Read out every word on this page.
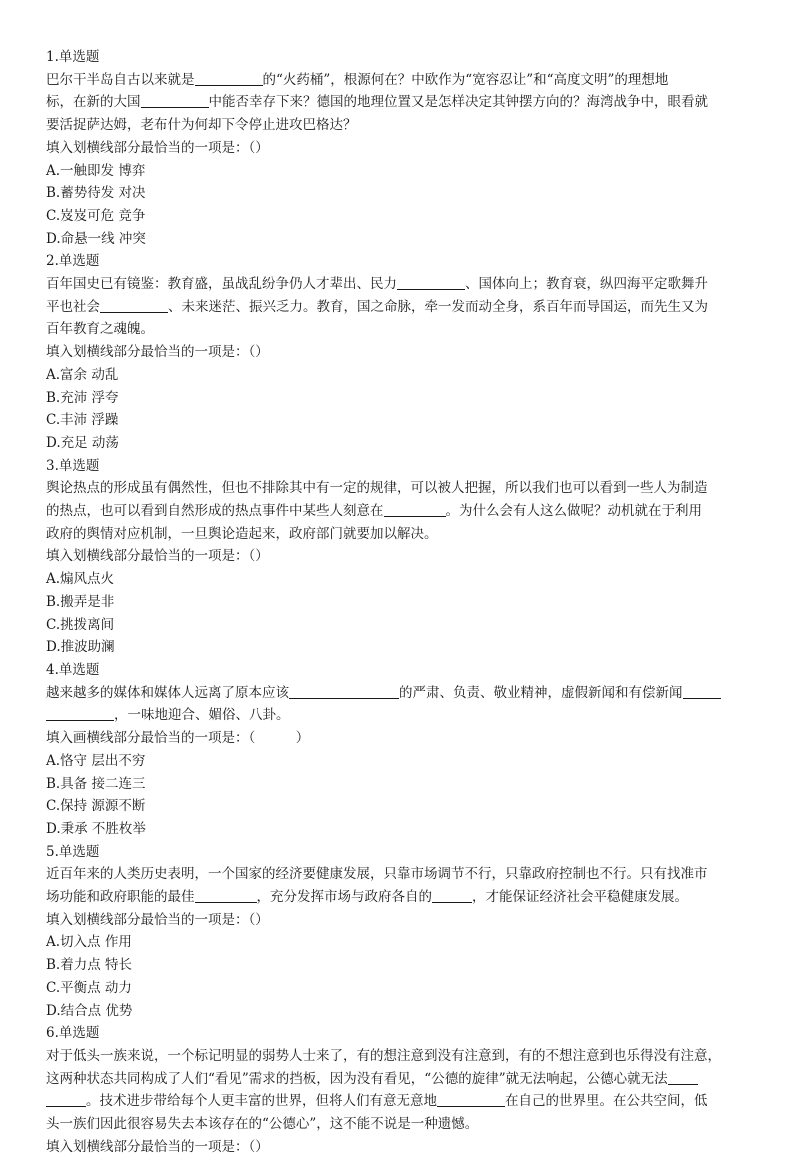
1.单选题
巴尔干半岛自古以来就是	的“火药桶”，根源何在？中欧作为“宽容忍让”和“高度文明”的理想地
标，在新的大国	中能否幸存下来？德国的地理位置又是怎样决定其钟摆方向的？海湾战争中，眼看就
要活捉萨达姆，老布什为何却下令停止进攻巴格达？
填入划横线部分最恰当的一项是：（）
A.一触即发 博弈
B.蓄势待发 对决
C.岌岌可危 竞争
D.命悬一线 冲突
2.单选题
百年国史已有镜鉴：教育盛，虽战乱纷争仍人才辈出、民力	、国体向上；教育衰，纵四海平定歌舞升
平也社会	、未来迷茫、振兴乏力。教育，国之命脉，牵一发而动全身，系百年而导国运，而先生又为
百年教育之魂魄。
填入划横线部分最恰当的一项是：（）
A.富余 动乱
B.充沛 浮夸
C.丰沛 浮躁
D.充足 动荡
3.单选题
舆论热点的形成虽有偶然性，但也不排除其中有一定的规律，可以被人把握，所以我们也可以看到一些人为制造
的热点，也可以看到自然形成的热点事件中某些人刻意在	。为什么会有人这么做呢？动机就在于利用
政府的舆情对应机制，一旦舆论造起来，政府部门就要加以解决。
填入划横线部分最恰当的一项是：（）
A.煽风点火
B.搬弄是非
C.挑拨离间
D.推波助澜
4.单选题
越来越多的媒体和媒体人远离了原本应该	的严肃、负责、敬业精神，虚假新闻和有偿新闻
，一味地迎合、媚俗、八卦。
填入画横线部分最恰当的一项是：（　　　）
A.恪守 层出不穷
B.具备 接二连三
C.保持 源源不断
D.秉承 不胜枚举
5.单选题
近百年来的人类历史表明，一个国家的经济要健康发展，只靠市场调节不行，只靠政府控制也不行。只有找准市
场功能和政府职能的最佳	，充分发挥市场与政府各自的	，才能保证经济社会平稳健康发展。
填入划横线部分最恰当的一项是：（）
A.切入点 作用
B.着力点 特长
C.平衡点 动力
D.结合点 优势
6.单选题
对于低头一族来说，一个标记明显的弱势人士来了，有的想注意到没有注意到，有的不想注意到也乐得没有注意，
这两种状态共同构成了人们“看见”需求的挡板，因为没有看见，“公德的旋律”就无法响起，公德心就无法
。技术进步带给每个人更丰富的世界，但将人们有意无意地	在自己的世界里。在公共空间，低
头一族们因此很容易失去本该存在的“公德心”，这不能不说是一种遗憾。
填入划横线部分最恰当的一项是：（）
